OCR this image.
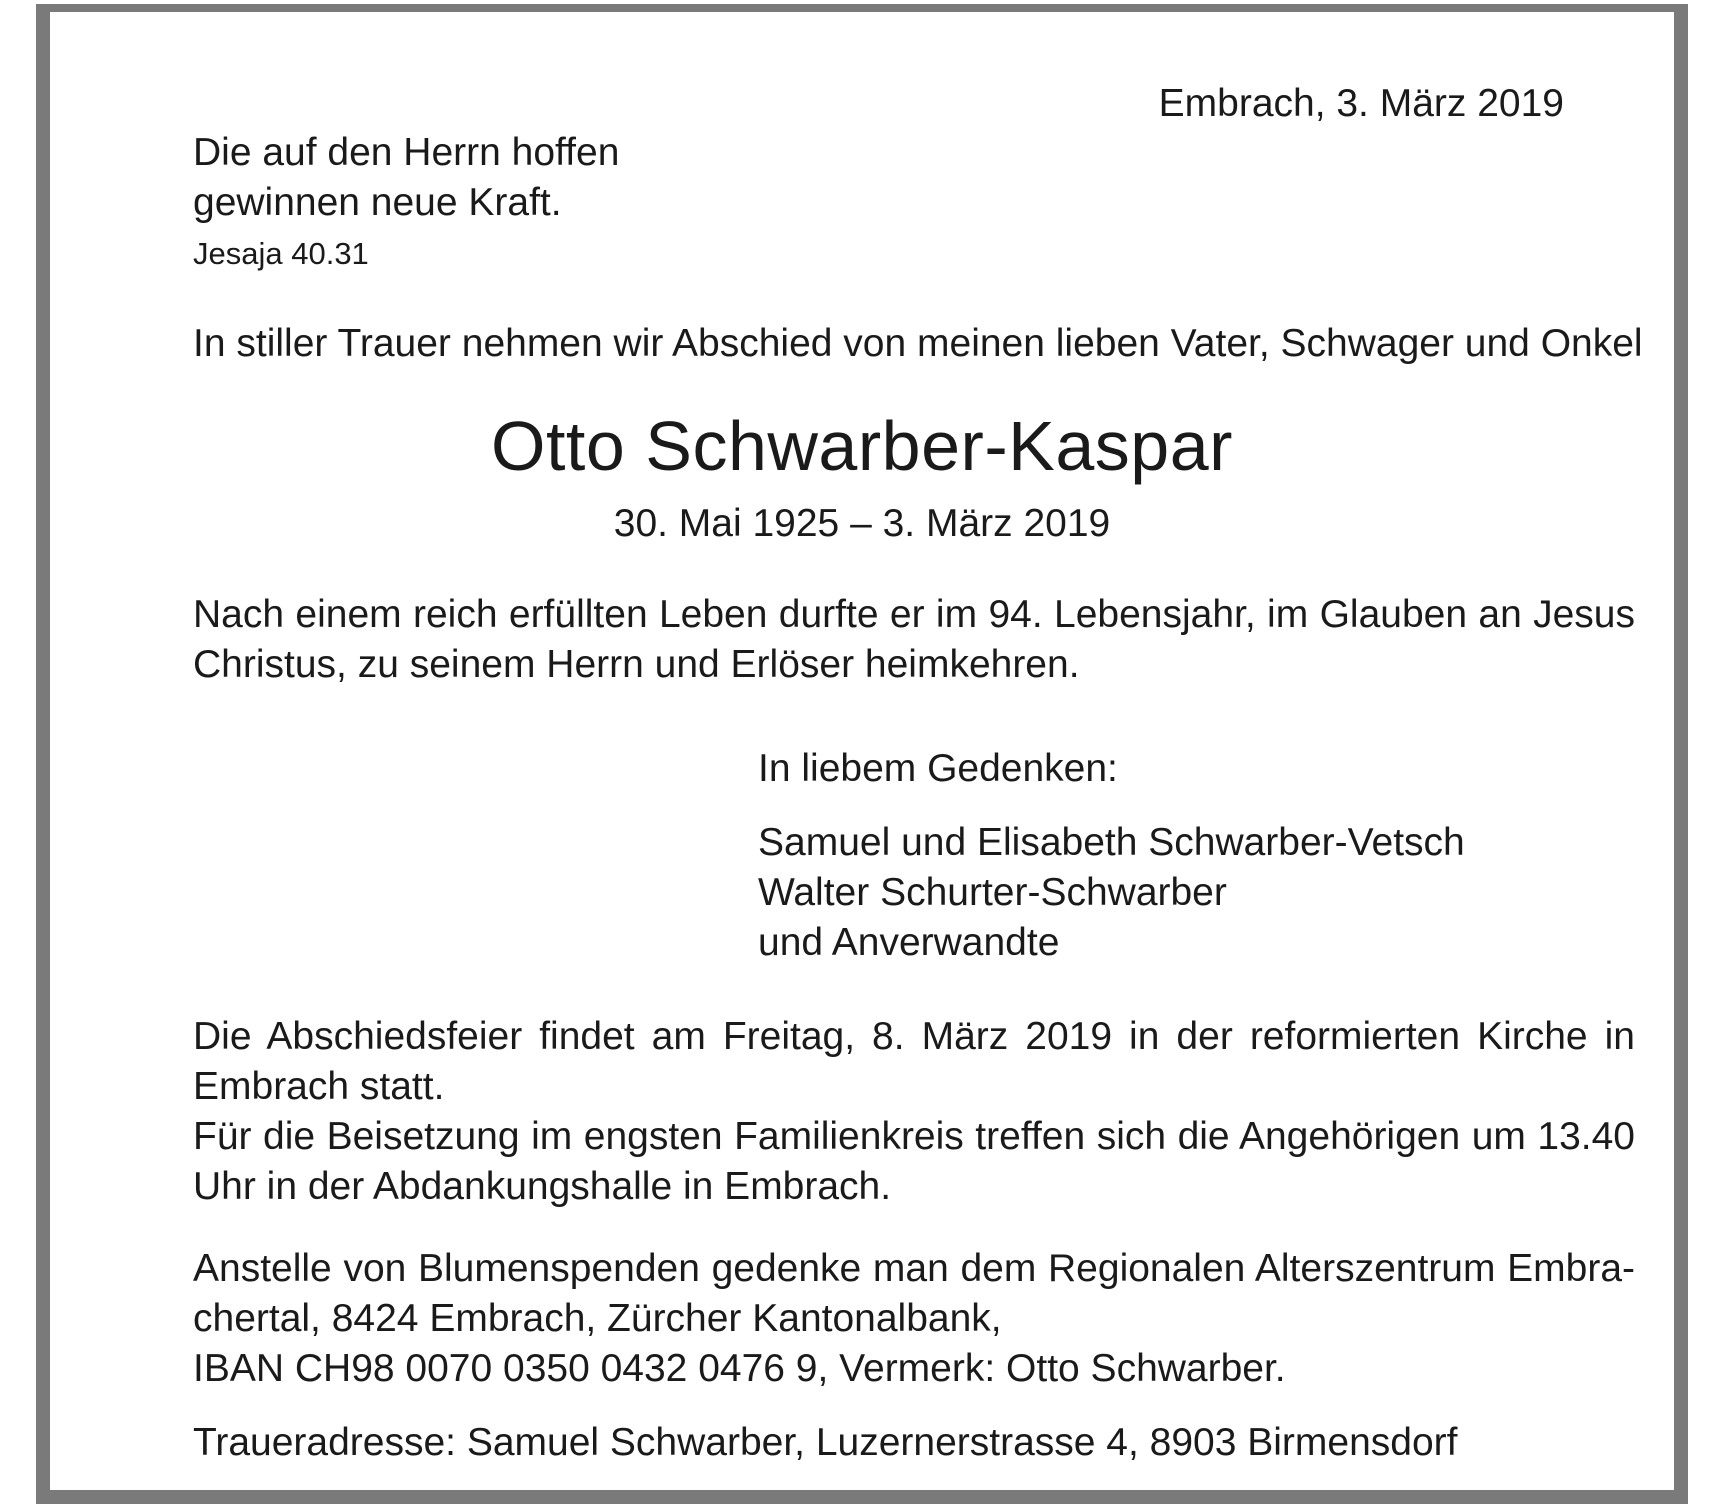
Embrach, 3. März 2019
Die auf den Herrn hoffen
gewinnen neue Kraft.
Jesaja 40.31
In stiller Trauer nehmen wir Abschied von meinen lieben Vater, Schwager und Onkel
Otto Schwarber-Kaspar
30. Mai 1925 – 3. März 2019
Nach einem reich erfüllten Leben durfte er im 94. Lebensjahr, im Glauben an Jesus
Christus, zu seinem Herrn und Erlöser heimkehren.
In liebem Gedenken:
Samuel und Elisabeth Schwarber-Vetsch
Walter Schurter-Schwarber
und Anverwandte
Die Abschiedsfeier findet am Freitag, 8. März 2019 in der reformierten Kirche in
Embrach statt.
Für die Beisetzung im engsten Familienkreis treffen sich die Angehörigen um 13.40
Uhr in der Abdankungshalle in Embrach.
Anstelle von Blumenspenden gedenke man dem Regionalen Alterszentrum Embra-
chertal, 8424 Embrach, Zürcher Kantonalbank,
IBAN CH98 0070 0350 0432 0476 9, Vermerk: Otto Schwarber.
Traueradresse: Samuel Schwarber, Luzernerstrasse 4, 8903 Birmensdorf
